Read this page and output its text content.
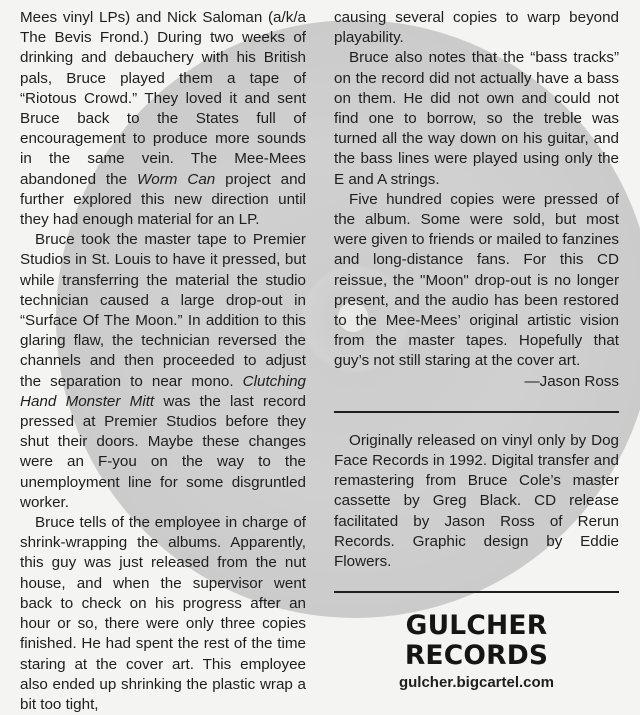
Mees vinyl LPs) and Nick Saloman (a/k/a The Bevis Frond.) During two weeks of drinking and debauchery with his British pals, Bruce played them a tape of “Riotous Crowd.” They loved it and sent Bruce back to the States full of encouragement to produce more sounds in the same vein. The Mee-Mees abandoned the Worm Can project and further explored this new direction until they had enough material for an LP.

Bruce took the master tape to Premier Studios in St. Louis to have it pressed, but while transferring the material the studio technician caused a large drop-out in “Surface Of The Moon.” In addition to this glaring flaw, the technician reversed the channels and then proceeded to adjust the separation to near mono. Clutching Hand Monster Mitt was the last record pressed at Premier Studios before they shut their doors. Maybe these changes were an F-you on the way to the unemployment line for some disgruntled worker.

Bruce tells of the employee in charge of shrink-wrapping the albums. Apparently, this guy was just released from the nut house, and when the supervisor went back to check on his progress after an hour or so, there were only three copies finished. He had spent the rest of the time staring at the cover art. This employee also ended up shrinking the plastic wrap a bit too tight,

causing several copies to warp beyond playability.

Bruce also notes that the “bass tracks” on the record did not actually have a bass on them. He did not own and could not find one to borrow, so the treble was turned all the way down on his guitar, and the bass lines were played using only the E and A strings.

Five hundred copies were pressed of the album. Some were sold, but most were given to friends or mailed to fanzines and long-distance fans. For this CD reissue, the "Moon" drop-out is no longer present, and the audio has been restored to the Mee-Mees’ original artistic vision from the master tapes. Hopefully that guy’s not still staring at the cover art.

—Jason Ross

Originally released on vinyl only by Dog Face Records in 1992. Digital transfer and remastering from Bruce Cole’s master cassette by Greg Black. CD release facilitated by Jason Ross of Rerun Records. Graphic design by Eddie Flowers.

GULCHER RECORDS
gulcher.bigcartel.com
